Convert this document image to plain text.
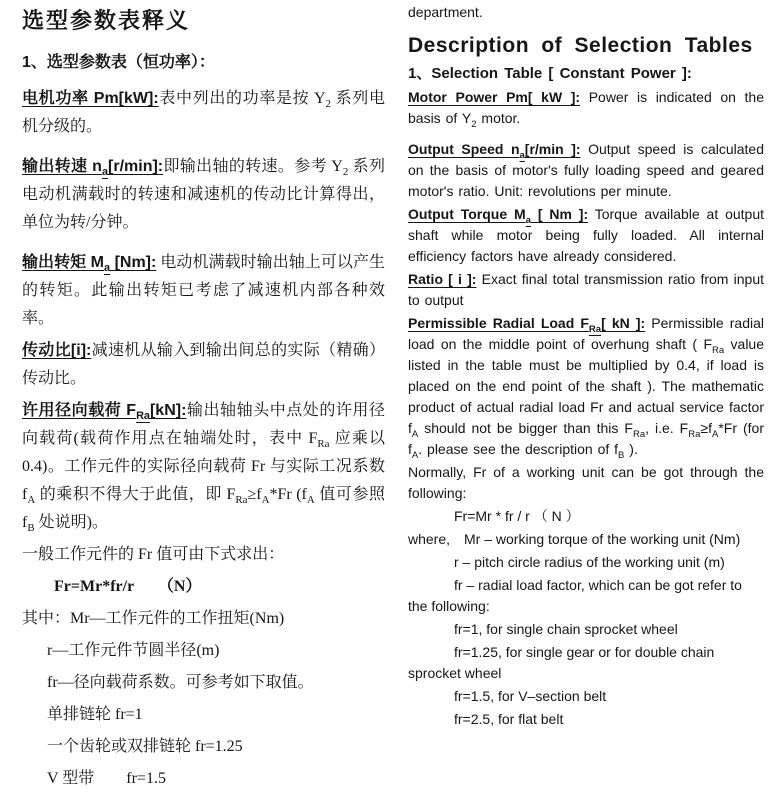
选型参数表释义
1、选型参数表（恒功率）：
电机功率 Pm[kW]:表中列出的功率是按 $Y_2$ 系列电机分级的。
输出转速 $n_a[r/\min]$:即输出轴的转速。参考 $Y_2$ 系列电动机满载时的转速和减速机的传动比计算得出，单位为转/分钟。
输出转矩 $M_a$ [Nm]: 电动机满载时输出轴上可以产生的转矩。此输出转矩已考虑了减速机内部各种效率。
传动比[i]:减速机从输入到输出间总的实际（精确）传动比。
许用径向载荷 $F_{Ra}[kN]$:输出轴轴头中点处的许用径向载荷(载荷作用点在轴端处时，表中 $F_{Ra}$ 应乘以 0.4)。工作元件的实际径向载荷 Fr 与实际工况系数 $f_A$ 的乘积不得大于此值，即 $F_{Ra}\ge f_A*Fr$ ($f_A$ 值可参照 $f_B$ 处说明)。
一般工作元件的 Fr 值可由下式求出：
Fr=Mr*fr/r　　（N）
其中：Mr—工作元件的工作扭矩(Nm)
r—工作元件节圆半径(m)
fr—径向载荷系数。可参考如下取值。
单排链轮 fr=1
一个齿轮或双排链轮 fr=1.25
V 型带　　fr=1.5
department.
Description of Selection Tables
1、Selection Table [ Constant Power ]:
Motor Power Pm[ kW ]: Power is indicated on the basis of $Y_2$ motor.
Output Speed $n_a[r/\min$ ]: Output speed is calculated on the basis of motor's fully loading speed and geared motor's ratio. Unit: revolutions per minute.
Output Torque $M_a$ [ Nm ]: Torque available at output shaft while motor being fully loaded. All internal efficiency factors have already considered.
Ratio [ i ]: Exact final total transmission ratio from input to output
Permissible Radial Load $F_{Ra}$[ kN ]: Permissible radial load on the middle point of overhung shaft ( $F_{Ra}$ value listed in the table must be multiplied by 0.4, if load is placed on the end point of the shaft ). The mathematic product of actual radial load Fr and actual service factor $f_A$ should not be bigger than this $F_{Ra}$, i.e. $F_{Ra}\ge f_A*Fr$ (for $f_A$. please see the description of $f_B$ ).
Normally, Fr of a working unit can be got through the following:
Fr=Mr * fr / r （ N ）
where,　Mr – working torque of the working unit (Nm)
r – pitch circle radius of the working unit (m)
fr – radial load factor, which can be got refer to the following:
fr=1, for single chain sprocket wheel
fr=1.25, for single gear or for double chain sprocket wheel
fr=1.5, for V–section belt
fr=2.5, for flat belt
